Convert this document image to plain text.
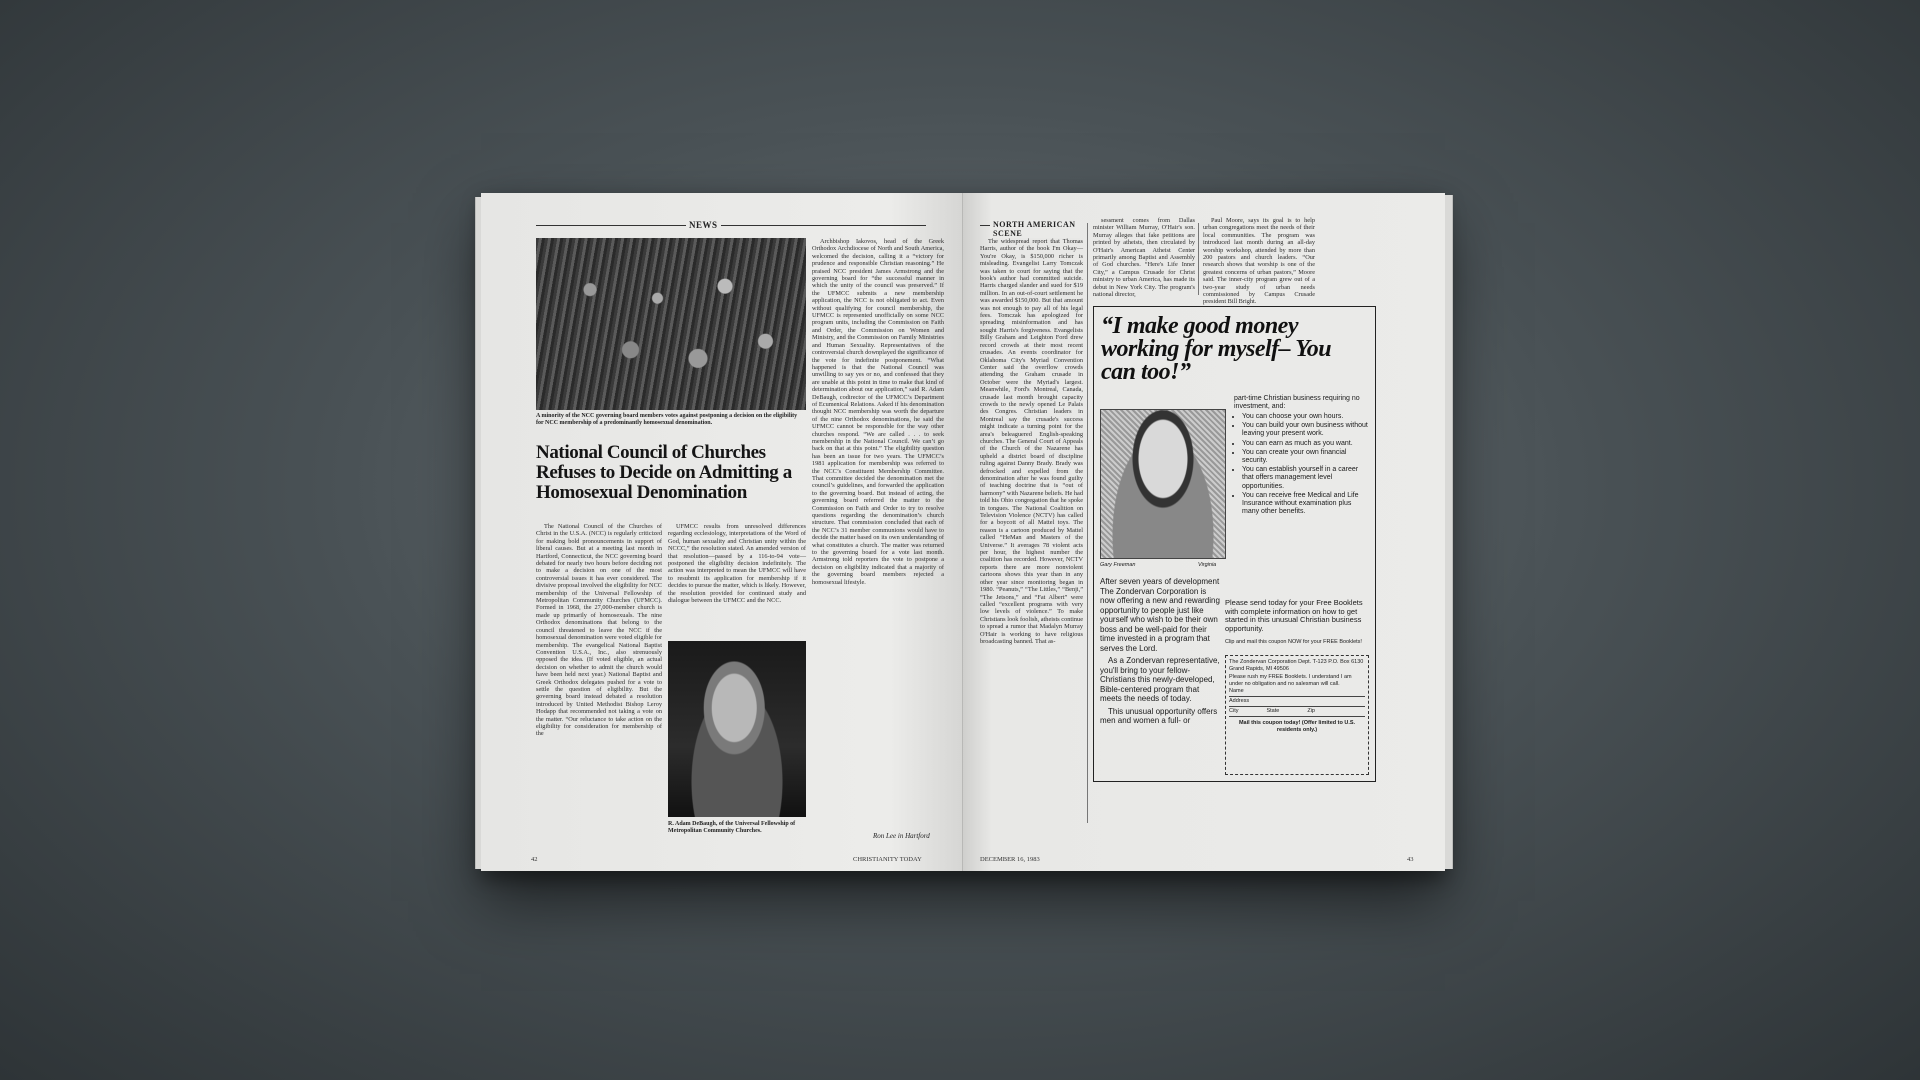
NEWS
A minority of the NCC governing board members votes against postponing a decision on the eligibility for NCC membership of a predominantly homosexual denomination.
National Council of Churches Refuses to Decide on Admitting a Homosexual Denomination

The National Council of the Churches of Christ in the U.S.A. (NCC) is regularly criticized for making bold pronouncements in support of liberal causes. But at a meeting last month in Hartford, Connecticut, the NCC governing board debated for nearly two hours before deciding not to make a decision on one of the most controversial issues it has ever considered. The divisive proposal involved the eligibility for NCC membership of the Universal Fellowship of Metropolitan Community Churches (UFMCC). Formed in 1968, the 27,000-member church is made up primarily of homosexuals. The nine Orthodox denominations that belong to the council threatened to leave the NCC if the homosexual denomination were voted eligible for membership. The evangelical National Baptist Convention U.S.A., Inc., also strenuously opposed the idea. (If voted eligible, an actual decision on whether to admit the church would have been held next year.) National Baptist and Greek Orthodox delegates pushed for a vote to settle the question of eligibility. But the governing board instead debated a resolution introduced by United Methodist Bishop Leroy Hodapp that recommended not taking a vote on the matter. “Our reluctance to take action on the eligibility for consideration for membership of the

UFMCC results from unresolved differences regarding ecclesiology, interpretations of the Word of God, human sexuality and Christian unity within the NCCC,” the resolution stated. An amended version of that resolution—passed by a 116-to-94 vote—postponed the eligibility decision indefinitely. The action was interpreted to mean the UFMCC will have to resubmit its application for membership if it decides to pursue the matter, which is likely. However, the resolution provided for continued study and dialogue between the UFMCC and the NCC.

R. Adam DeBaugh, of the Universal Fellowship of Metropolitan Community Churches.

Archbishop Iakovos, head of the Greek Orthodox Archdiocese of North and South America, welcomed the decision, calling it a “victory for prudence and responsible Christian reasoning.” He praised NCC president James Armstrong and the governing board for “the successful manner in which the unity of the council was preserved.” If the UFMCC submits a new membership application, the NCC is not obligated to act. Even without qualifying for council membership, the UFMCC is represented unofficially on some NCC program units, including the Commission on Faith and Order, the Commission on Women and Ministry, and the Commission on Family Ministries and Human Sexuality. Representatives of the controversial church downplayed the significance of the vote for indefinite postponement. “What happened is that the National Council was unwilling to say yes or no, and confessed that they are unable at this point in time to make that kind of determination about our application,” said R. Adam DeBaugh, codirector of the UFMCC’s Department of Ecumenical Relations. Asked if his denomination thought NCC membership was worth the departure of the nine Orthodox denominations, he said the UFMCC cannot be responsible for the way other churches respond. “We are called . . . to seek membership in the National Council. We can’t go back on that at this point.” The eligibility question has been an issue for two years. The UFMCC’s 1981 application for membership was referred to the NCC’s Constituent Membership Committee. That committee decided the denomination met the council’s guidelines, and forwarded the application to the governing board. But instead of acting, the governing board referred the matter to the Commission on Faith and Order to try to resolve questions regarding the denomination’s church structure. That commission concluded that each of the NCC’s 31 member communions would have to decide the matter based on its own understanding of what constitutes a church. The matter was returned to the governing board for a vote last month. Armstrong told reporters the vote to postpone a decision on eligibility indicated that a majority of the governing board members rejected a homosexual lifestyle.

Ron Lee in Hartford
42	CHRISTIANITY TODAY
NORTH AMERICAN SCENE

The widespread report that Thomas Harris, author of the book I'm Okay—You're Okay, is $150,000 richer is misleading. Evangelist Larry Tomczak was taken to court for saying that the book's author had committed suicide. Harris charged slander and sued for $19 million. In an out-of-court settlement he was awarded $150,000. But that amount was not enough to pay all of his legal fees. Tomczak has apologized for spreading misinformation and has sought Harris's forgiveness. Evangelists Billy Graham and Leighton Ford drew record crowds at their most recent crusades. An events coordinator for Oklahoma City's Myriad Convention Center said the overflow crowds attending the Graham crusade in October were the Myriad's largest. Meanwhile, Ford's Montreal, Canada, crusade last month brought capacity crowds to the newly opened Le Palais des Congres. Christian leaders in Montreal say the crusade's success might indicate a turning point for the area's beleaguered English-speaking churches. The General Court of Appeals of the Church of the Nazarene has upheld a district board of discipline ruling against Danny Brady. Brady was defrocked and expelled from the denomination after he was found guilty of teaching doctrine that is “out of harmony” with Nazarene beliefs. He had told his Ohio congregation that he spoke in tongues. The National Coalition on Television Violence (NCTV) has called for a boycott of all Mattel toys. The reason is a cartoon produced by Mattel called “HeMan and Masters of the Universe.” It averages 78 violent acts per hour, the highest number the coalition has recorded. However, NCTV reports there are more nonviolent cartoons shows this year than in any other year since monitoring began in 1980. “Peanuts,” “The Littles,” “Benji,” “The Jetsons,” and “Fat Albert” were called “excellent programs with very low levels of violence.” To make Christians look foolish, atheists continue to spread a rumor that Madalyn Murray O'Hair is working to have religious broadcasting banned. That as-

sessment comes from Dallas minister William Murray, O'Hair's son. Murray alleges that fake petitions are printed by atheists, then circulated by O'Hair's American Atheist Center primarily among Baptist and Assembly of God churches. “Here's Life Inner City,” a Campus Crusade for Christ ministry to urban America, has made its debut in New York City. The program's national director,

Paul Moore, says its goal is to help urban congregations meet the needs of their local communities. The program was introduced last month during an all-day worship workshop, attended by more than 200 pastors and church leaders. “Our research shows that worship is one of the greatest concerns of urban pastors,” Moore said. The inner-city program grew out of a two-year study of urban needs commissioned by Campus Crusade president Bill Bright.

“I make good money working for myself– You can too!”
Gary Freeman	Virginia
part-time Christian business requiring no investment, and:
• You can choose your own hours.
• You can build your own business without leaving your present work.
• You can earn as much as you want.
• You can create your own financial security.
• You can establish yourself in a career that offers management level opportunities.
• You can receive free Medical and Life Insurance without examination plus many other benefits.
After seven years of development The Zondervan Corporation is now offering a new and rewarding opportunity to people just like yourself who wish to be their own boss and be well-paid for their time invested in a program that serves the Lord.
As a Zondervan representative, you'll bring to your fellow-Christians this newly-developed, Bible-centered program that meets the needs of today.
This unusual opportunity offers men and women a full- or
Please send today for your Free Booklets with complete information on how to get started in this unusual Christian business opportunity.
Clip and mail this coupon NOW for your FREE Booklets!
The Zondervan Corporation Dept. T-123 P.O. Box 6130 Grand Rapids, MI 49506
Please rush my FREE Booklets. I understand I am under no obligation and no salesman will call.
Name
Address
City	State	Zip
Mail this coupon today! (Offer limited to U.S. residents only.)
DECEMBER 16, 1983	43
